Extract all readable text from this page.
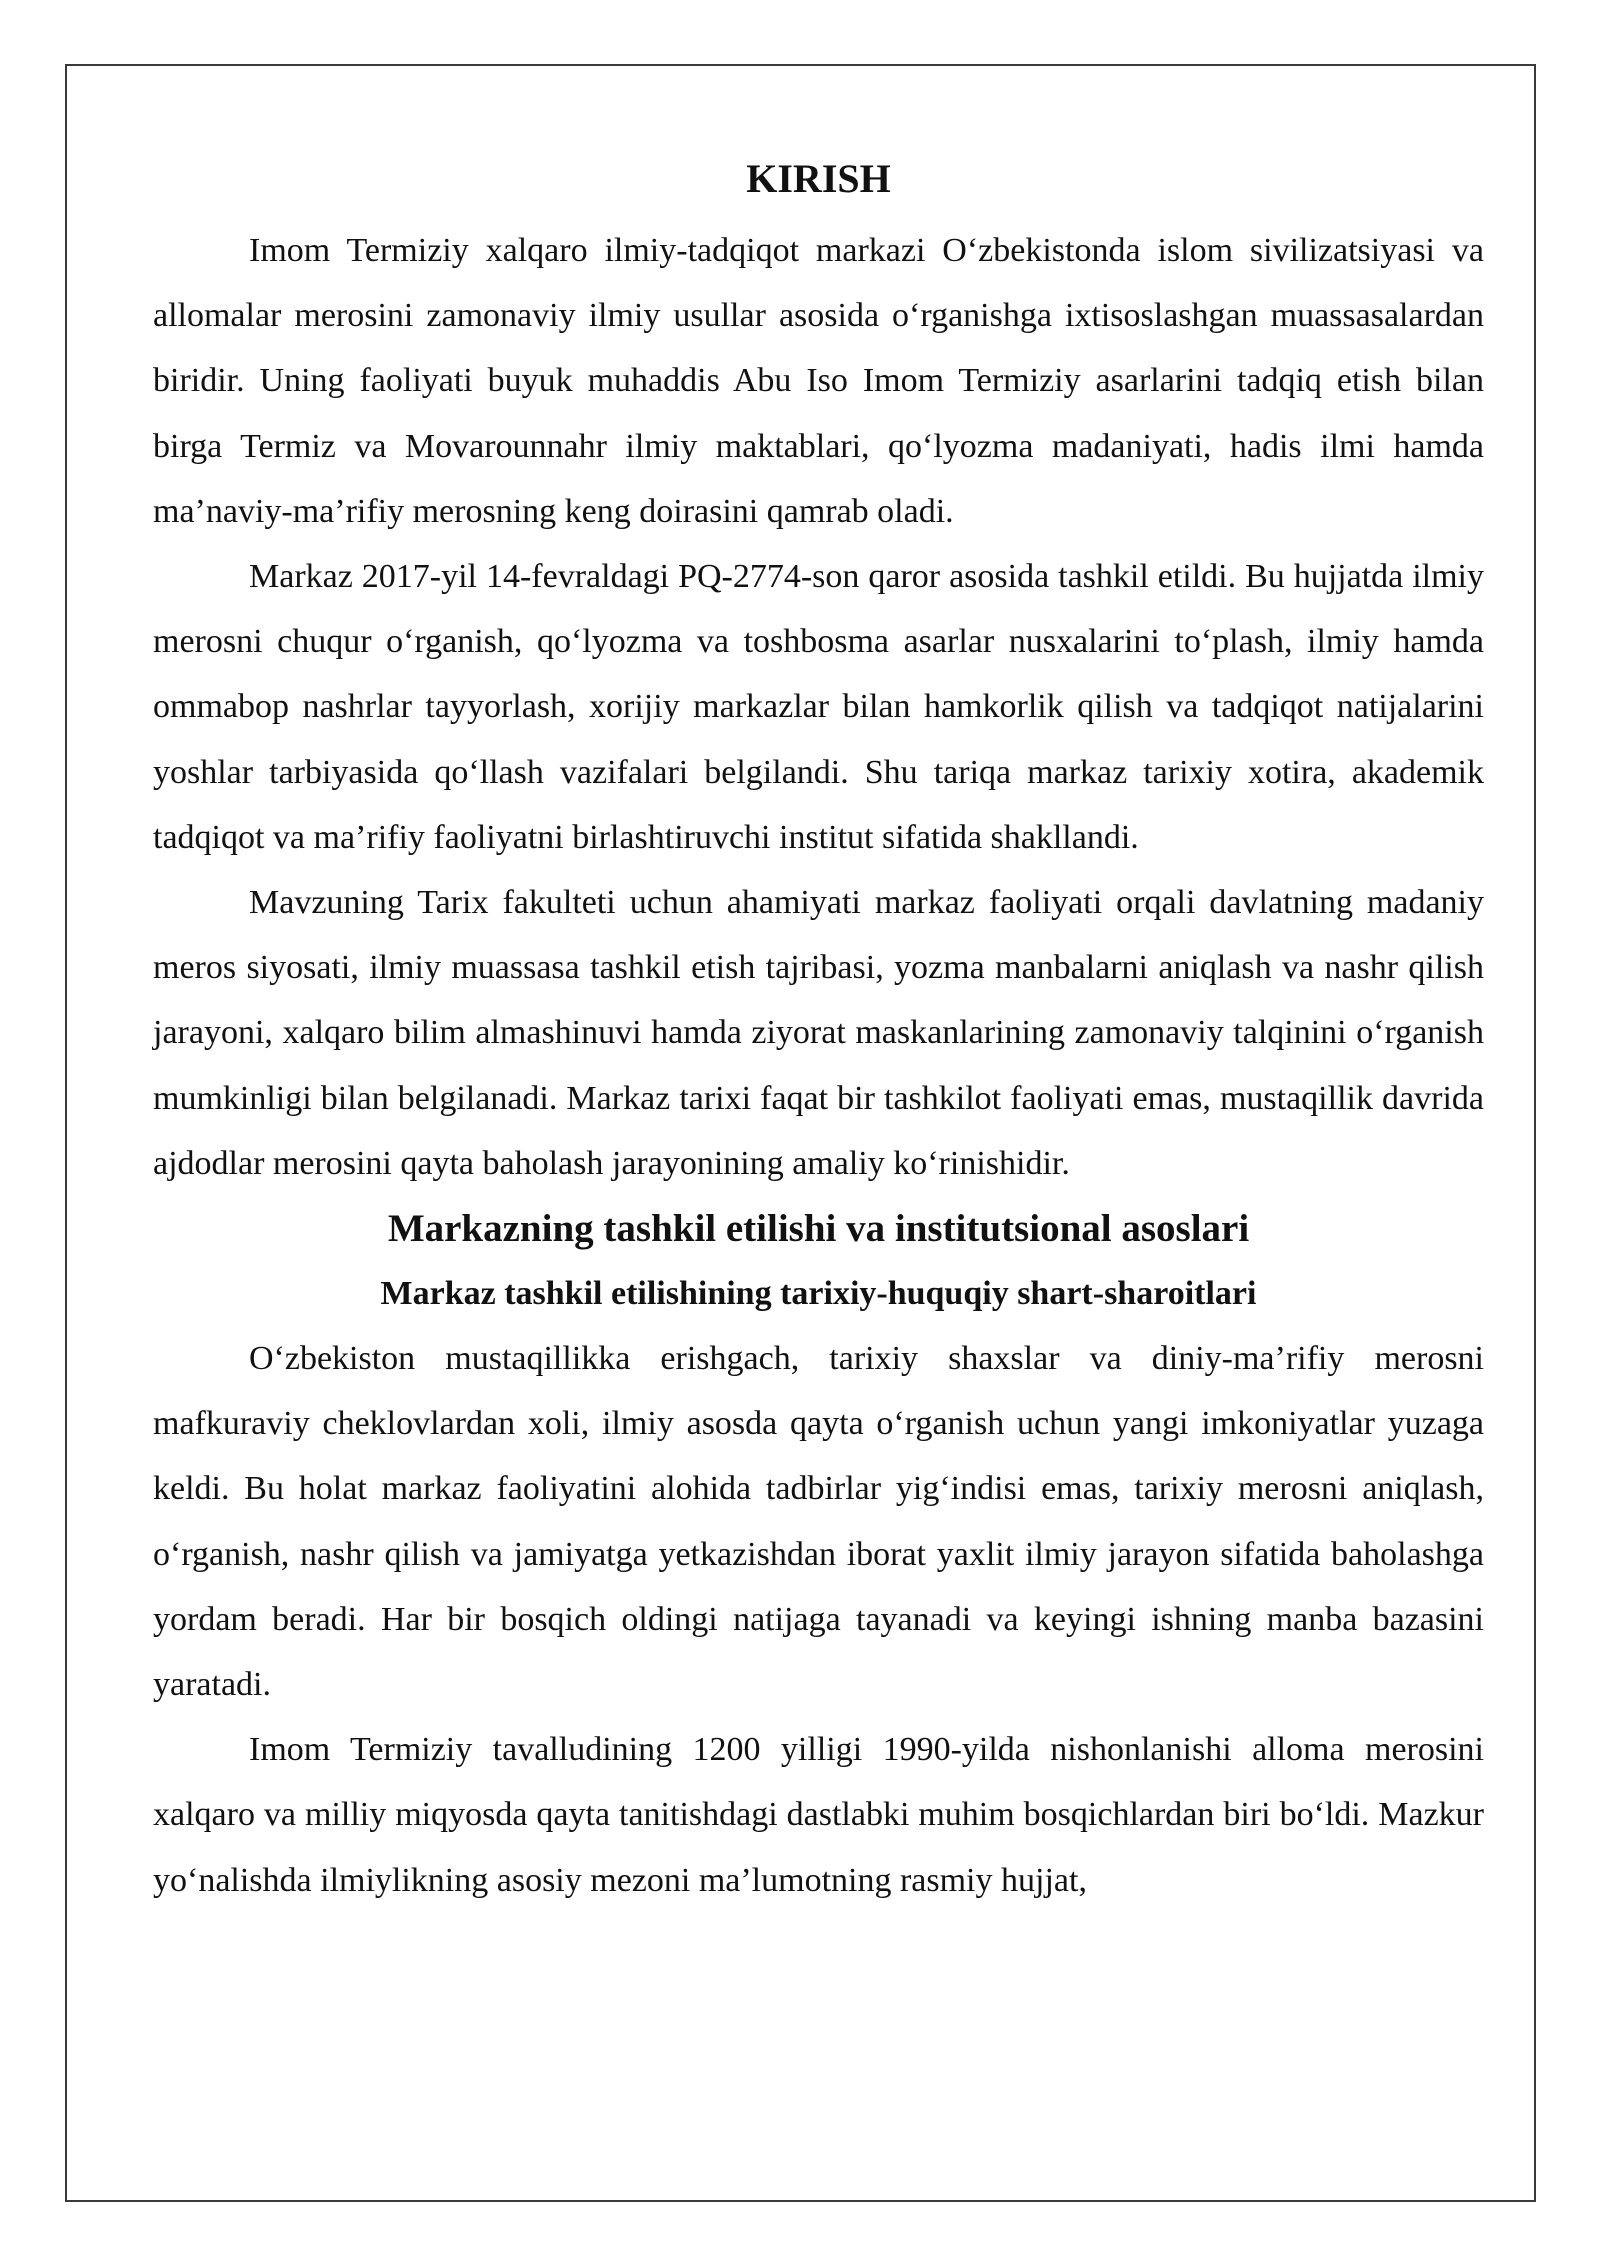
KIRISH

Imom Termiziy xalqaro ilmiy-tadqiqot markazi O‘zbekistonda islom sivilizatsiyasi va allomalar merosini zamonaviy ilmiy usullar asosida o‘rganishga ixtisoslashgan muassasalardan biridir. Uning faoliyati buyuk muhaddis Abu Iso Imom Termiziy asarlarini tadqiq etish bilan birga Termiz va Movarounnahr ilmiy maktablari, qo‘lyozma madaniyati, hadis ilmi hamda ma’naviy-ma’rifiy merosning keng doirasini qamrab oladi.

Markaz 2017-yil 14-fevraldagi PQ-2774-son qaror asosida tashkil etildi. Bu hujjatda ilmiy merosni chuqur o‘rganish, qo‘lyozma va toshbosma asarlar nusxalarini to‘plash, ilmiy hamda ommabop nashrlar tayyorlash, xorijiy markazlar bilan hamkorlik qilish va tadqiqot natijalarini yoshlar tarbiyasida qo‘llash vazifalari belgilandi. Shu tariqa markaz tarixiy xotira, akademik tadqiqot va ma’rifiy faoliyatni birlashtiruvchi institut sifatida shakllandi.

Mavzuning Tarix fakulteti uchun ahamiyati markaz faoliyati orqali davlatning madaniy meros siyosati, ilmiy muassasa tashkil etish tajribasi, yozma manbalarni aniqlash va nashr qilish jarayoni, xalqaro bilim almashinuvi hamda ziyorat maskanlarining zamonaviy talqinini o‘rganish mumkinligi bilan belgilanadi. Markaz tarixi faqat bir tashkilot faoliyati emas, mustaqillik davrida ajdodlar merosini qayta baholash jarayonining amaliy ko‘rinishidir.

Markazning tashkil etilishi va institutsional asoslari
Markaz tashkil etilishining tarixiy-huquqiy shart-sharoitlari

O‘zbekiston mustaqillikka erishgach, tarixiy shaxslar va diniy-ma’rifiy merosni mafkuraviy cheklovlardan xoli, ilmiy asosda qayta o‘rganish uchun yangi imkoniyatlar yuzaga keldi. Bu holat markaz faoliyatini alohida tadbirlar yig‘indisi emas, tarixiy merosni aniqlash, o‘rganish, nashr qilish va jamiyatga yetkazishdan iborat yaxlit ilmiy jarayon sifatida baholashga yordam beradi. Har bir bosqich oldingi natijaga tayanadi va keyingi ishning manba bazasini yaratadi.

Imom Termiziy tavalludining 1200 yilligi 1990-yilda nishonlanishi alloma merosini xalqaro va milliy miqyosda qayta tanitishdagi dastlabki muhim bosqichlardan biri bo‘ldi. Mazkur yo‘nalishda ilmiylikning asosiy mezoni ma’lumotning rasmiy hujjat,
